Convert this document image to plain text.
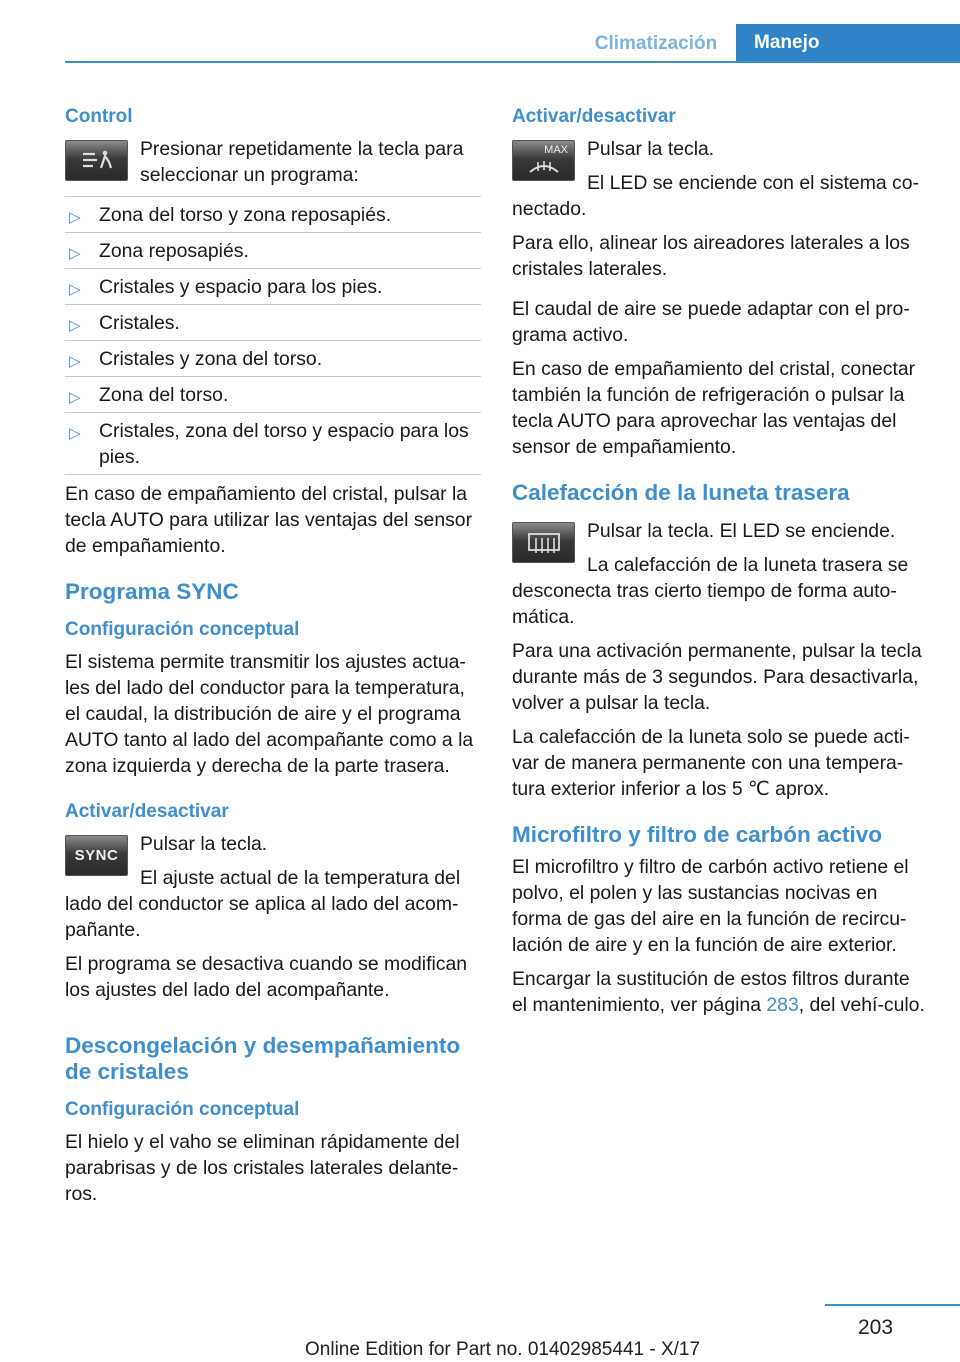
Climatización	Manejo
Control

Presionar repetidamente la tecla para seleccionar un programa:

▷ Zona del torso y zona reposapiés.
▷ Zona reposapiés.
▷ Cristales y espacio para los pies.
▷ Cristales.
▷ Cristales y zona del torso.
▷ Zona del torso.
▷ Cristales, zona del torso y espacio para los pies.

En caso de empañamiento del cristal, pulsar la tecla AUTO para utilizar las ventajas del sensor de empañamiento.

Programa SYNC
Configuración conceptual

El sistema permite transmitir los ajustes actua-les del lado del conductor para la temperatura, el caudal, la distribución de aire y el programa AUTO tanto al lado del acompañante como a la zona izquierda y derecha de la parte trasera.

Activar/desactivar
SYNC

Pulsar la tecla.

El ajuste actual de la temperatura del lado del conductor se aplica al lado del acom-pañante.

El programa se desactiva cuando se modifican los ajustes del lado del acompañante.

Descongelación y desempañamiento de cristales
Configuración conceptual

El hielo y el vaho se eliminan rápidamente del parabrisas y de los cristales laterales delante-ros.

Activar/desactivar
MAX Pulsar la tecla.

El LED se enciende con el sistema co-nectado.

Para ello, alinear los aireadores laterales a los cristales laterales.

El caudal de aire se puede adaptar con el pro-grama activo.

En caso de empañamiento del cristal, conectar también la función de refrigeración o pulsar la tecla AUTO para aprovechar las ventajas del sensor de empañamiento.

Calefacción de la luneta trasera

Pulsar la tecla. El LED se enciende.

La calefacción de la luneta trasera se desconecta tras cierto tiempo de forma auto-mática.

Para una activación permanente, pulsar la tecla durante más de 3 segundos. Para desactivarla, volver a pulsar la tecla.

La calefacción de la luneta solo se puede acti-var de manera permanente con una tempera-tura exterior inferior a los 5 ℃ aprox.

Microfiltro y filtro de carbón activo

El microfiltro y filtro de carbón activo retiene el polvo, el polen y las sustancias nocivas en forma de gas del aire en la función de recircu-lación de aire y en la función de aire exterior.

Encargar la sustitución de estos filtros durante el mantenimiento, ver página 283, del vehí-culo.

203
Online Edition for Part no. 01402985441 - X/17
